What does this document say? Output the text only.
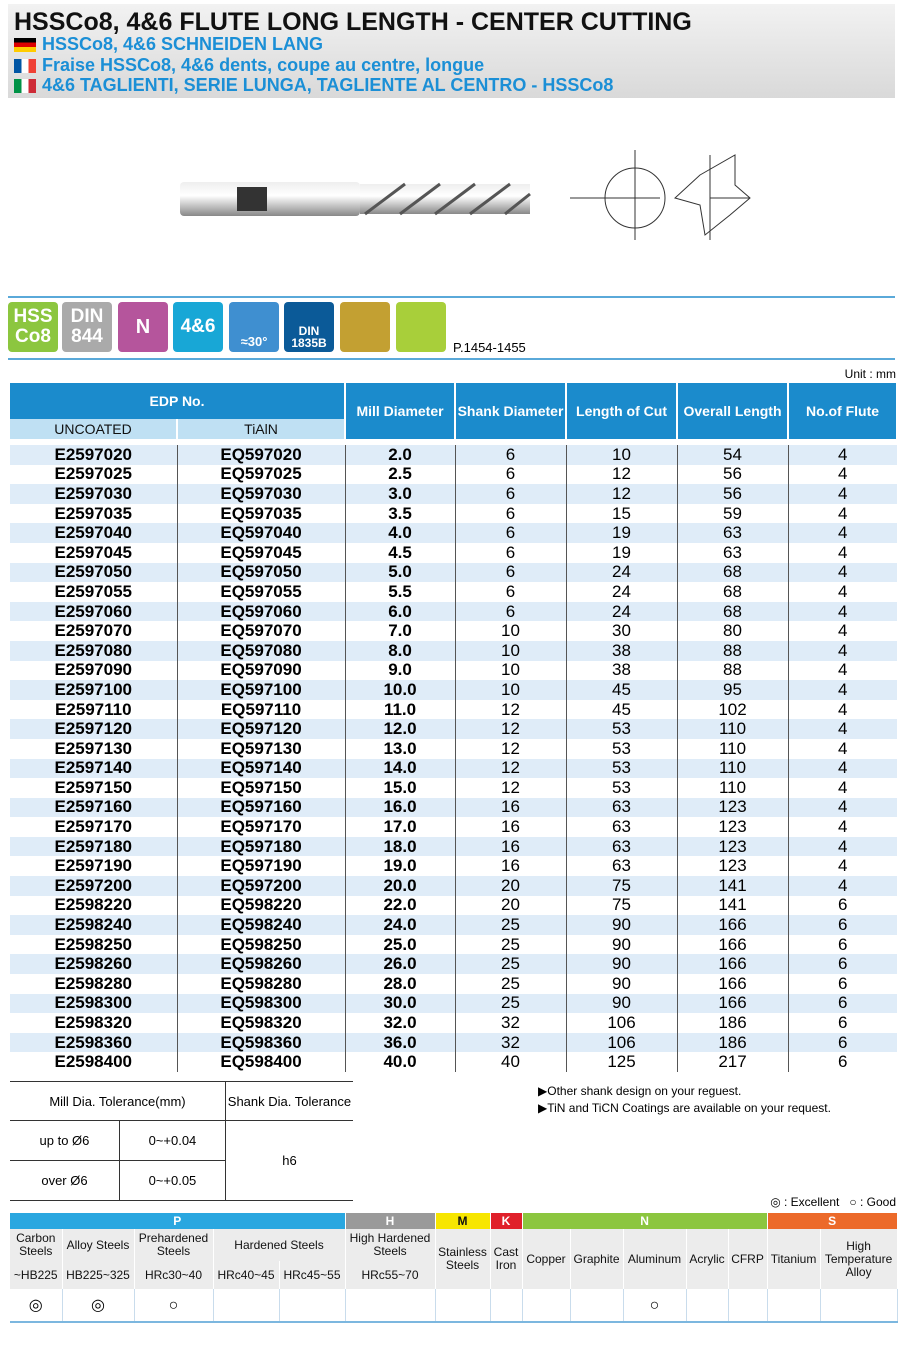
HSSCo8, 4&6 FLUTE LONG LENGTH - CENTER CUTTING
HSSCo8, 4&6 SCHNEIDEN LANG
Fraise HSSCo8, 4&6 dents, coupe au centre, longue
4&6 TAGLIENTI, SERIE LUNGA, TAGLIENTE AL CENTRO - HSSCo8
HSS Co8
DIN 844	N	4&6
≈30°
DIN 1835B	P.1454-1455
Unit : mm
EDP No.		Mill Diameter	Shank Diameter	Length of Cut	Overall Length	No.of Flute
UNCOATED	TiAlN					

E2597020	EQ597020	2.0	6	10	54	4
E2597025	EQ597025	2.5	6	12	56	4
E2597030	EQ597030	3.0	6	12	56	4
E2597035	EQ597035	3.5	6	15	59	4
E2597040	EQ597040	4.0	6	19	63	4
E2597045	EQ597045	4.5	6	19	63	4
E2597050	EQ597050	5.0	6	24	68	4
E2597055	EQ597055	5.5	6	24	68	4
E2597060	EQ597060	6.0	6	24	68	4
E2597070	EQ597070	7.0	10	30	80	4
E2597080	EQ597080	8.0	10	38	88	4
E2597090	EQ597090	9.0	10	38	88	4
E2597100	EQ597100	10.0	10	45	95	4
E2597110	EQ597110	11.0	12	45	102	4
E2597120	EQ597120	12.0	12	53	110	4
E2597130	EQ597130	13.0	12	53	110	4
E2597140	EQ597140	14.0	12	53	110	4
E2597150	EQ597150	15.0	12	53	110	4
E2597160	EQ597160	16.0	16	63	123	4
E2597170	EQ597170	17.0	16	63	123	4
E2597180	EQ597180	18.0	16	63	123	4
E2597190	EQ597190	19.0	16	63	123	4
E2597200	EQ597200	20.0	20	75	141	4
E2598220	EQ598220	22.0	20	75	141	6
E2598240	EQ598240	24.0	25	90	166	6
E2598250	EQ598250	25.0	25	90	166	6
E2598260	EQ598260	26.0	25	90	166	6
E2598280	EQ598280	28.0	25	90	166	6
E2598300	EQ598300	30.0	25	90	166	6
E2598320	EQ598320	32.0	32	106	186	6
E2598360	EQ598360	36.0	32	106	186	6
E2598400	EQ598400	40.0	40	125	217	6
Mill Dia. Tolerance(mm)		Shank Dia. Tolerance
up to Ø6	0~+0.04	h6
over Ø6	0~+0.05	
▶Other shank design on your reguest.
▶TiN and TiCN Coatings are available on your request.
◎ : Excellent ○ : Good
P					H	M	K	N					S	
Carbon Steels	Alloy Steels	Prehardened Steels	Hardened Steels		High Hardened Steels	Stainless Steels	Cast Iron	Copper	Graphite	Aluminum	Acrylic	CFRP	Titanium	High Temperature Alloy
~HB225	HB225~325	HRc30~40	HRc40~45	HRc45~55	HRc55~70									
◎	◎	○								○				
